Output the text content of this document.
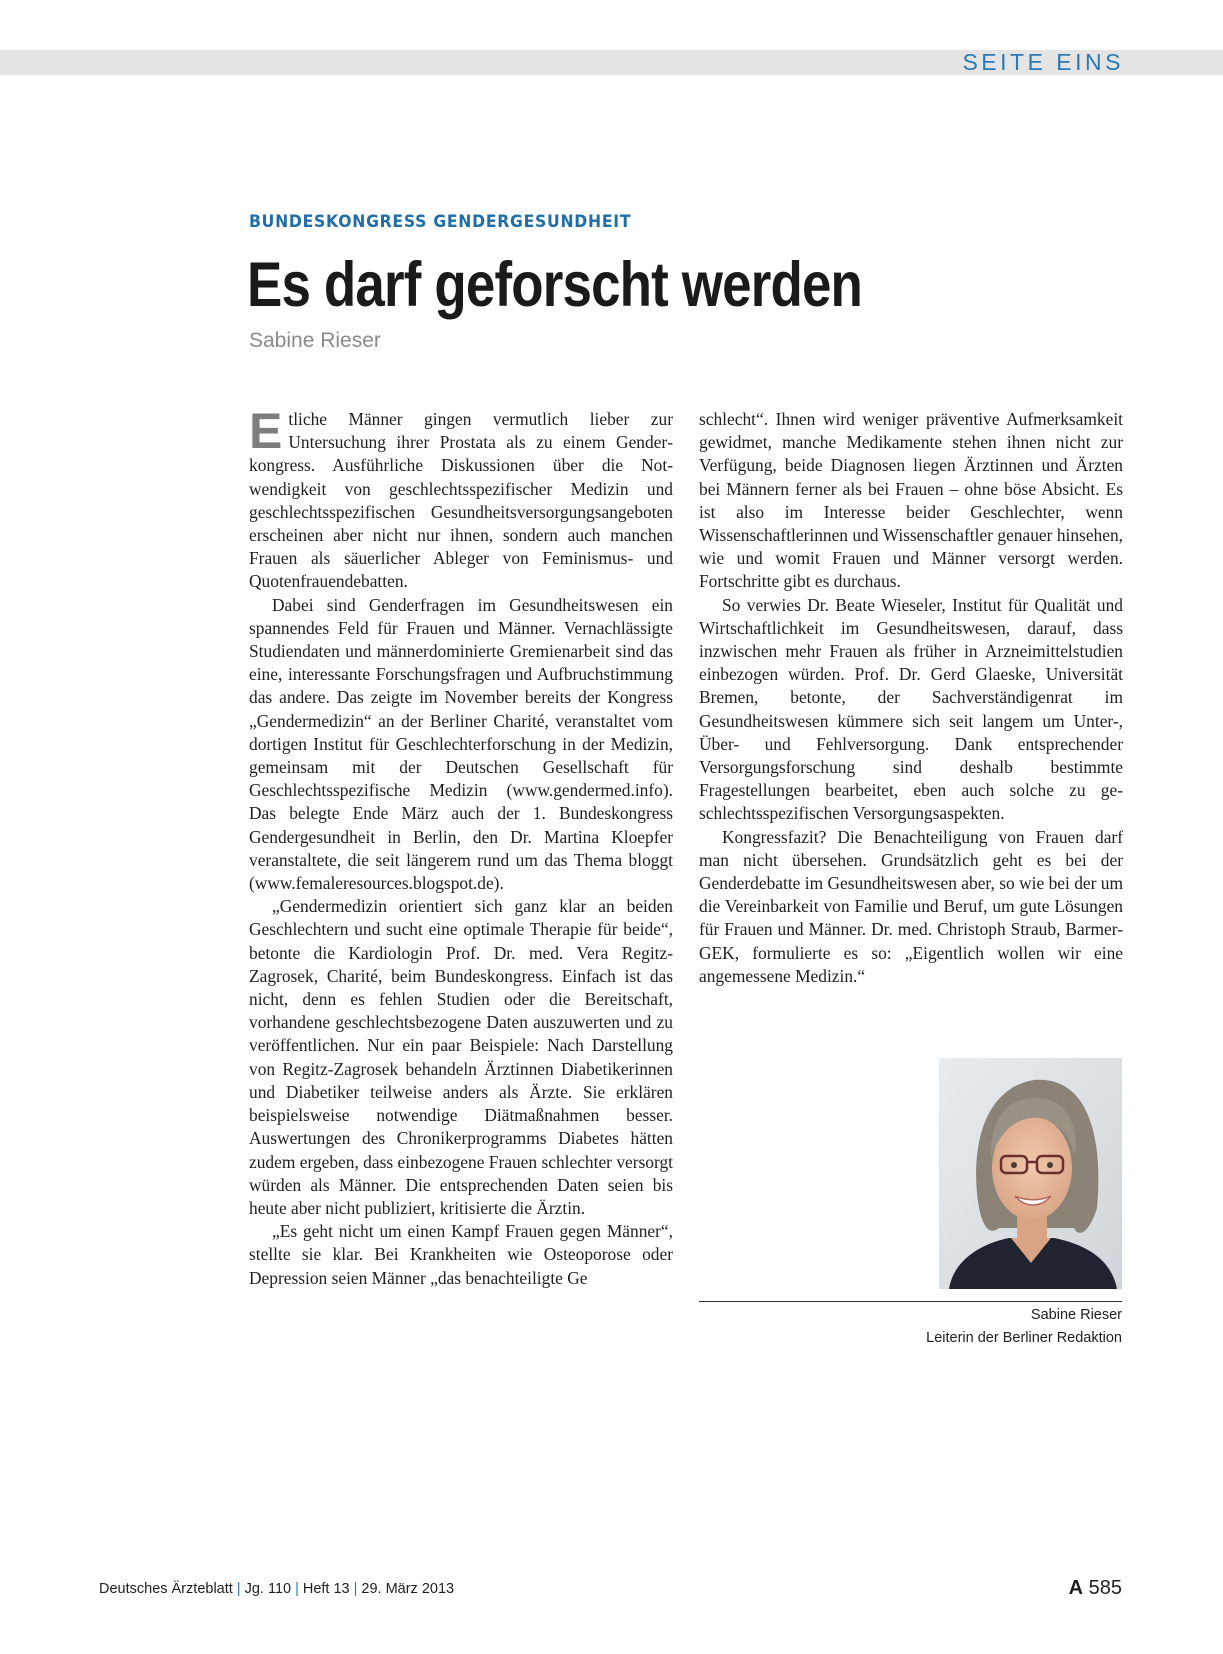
SEITE EINS
BUNDESKONGRESS GENDERGESUNDHEIT
Es darf geforscht werden
Sabine Rieser

Etliche Männer gingen vermutlich lieber zur Untersuchung ihrer Prostata als zu einem Genderkongress. Ausführliche Diskussionen über die Notwendigkeit von geschlechtsspezifischer Medizin und geschlechtsspezifischen Gesundheitsversorgungsangeboten erscheinen aber nicht nur ihnen, sondern auch manchen Frauen als säuerlicher Ableger von Feminismus- und Quotenfrauendebatten.

Dabei sind Genderfragen im Gesundheitswesen ein spannendes Feld für Frauen und Männer. Vernachlässigte Studiendaten und männerdominierte Gremienarbeit sind das eine, interessante Forschungsfragen und Aufbruchstimmung das andere. Das zeigte im November bereits der Kongress „Gendermedizin“ an der Berliner Charité, veranstaltet vom dortigen Institut für Geschlechterforschung in der Medizin, gemeinsam mit der Deutschen Gesellschaft für Geschlechtsspezifische Medizin (www.gendermed.info). Das belegte Ende März auch der 1. Bundeskongress Gendergesundheit in Berlin, den Dr. Martina Kloepfer veranstaltete, die seit längerem rund um das Thema bloggt (www.femaleresources.blogspot.de).

„Gendermedizin orientiert sich ganz klar an beiden Geschlechtern und sucht eine optimale Therapie für beide“, betonte die Kardiologin Prof. Dr. med. Vera Regitz-Zagrosek, Charité, beim Bundeskongress. Einfach ist das nicht, denn es fehlen Studien oder die Bereitschaft, vorhandene geschlechtsbezogene Daten auszuwerten und zu veröffentlichen. Nur ein paar Beispiele: Nach Darstellung von Regitz-Zagrosek behandeln Ärztinnen Diabetikerinnen und Diabetiker teilweise anders als Ärzte. Sie erklären beispielsweise notwendige Diätmaßnahmen besser. Auswertungen des Chronikerprogramms Diabetes hätten zudem ergeben, dass einbezogene Frauen schlechter versorgt würden als Männer. Die entsprechenden Daten seien bis heute aber nicht publiziert, kritisierte die Ärztin.

„Es geht nicht um einen Kampf Frauen gegen Männer“, stellte sie klar. Bei Krankheiten wie Osteoporose oder Depression seien Männer „das benachteiligte Ge

schlecht“. Ihnen wird weniger präventive Aufmerksamkeit gewidmet, manche Medikamente stehen ihnen nicht zur Verfügung, beide Diagnosen liegen Ärztinnen und Ärzten bei Männern ferner als bei Frauen – ohne böse Absicht. Es ist also im Interesse beider Geschlechter, wenn Wissenschaftlerinnen und Wissenschaftler genauer hinsehen, wie und womit Frauen und Männer versorgt werden. Fortschritte gibt es durchaus.

So verwies Dr. Beate Wieseler, Institut für Qualität und Wirtschaftlichkeit im Gesundheitswesen, darauf, dass inzwischen mehr Frauen als früher in Arzneimittelstudien einbezogen würden. Prof. Dr. Gerd Glaeske, Universität Bremen, betonte, der Sachverständigenrat im Gesundheitswesen kümmere sich seit langem um Unter-, Über- und Fehlversorgung. Dank entsprechender Versorgungsforschung sind deshalb bestimmte Fragestellungen bearbeitet, eben auch solche zu geschlechtsspezifischen Versorgungsaspekten.

Kongressfazit? Die Benachteiligung von Frauen darf man nicht übersehen. Grundsätzlich geht es bei der Genderdebatte im Gesundheitswesen aber, so wie bei der um die Vereinbarkeit von Familie und Beruf, um gute Lösungen für Frauen und Männer. Dr. med. Christoph Straub, Barmer-GEK, formulierte es so: „Eigentlich wollen wir eine angemessene Medizin.“

Sabine Rieser
Leiterin der Berliner Redaktion
Deutsches Ärzteblatt | Jg. 110 | Heft 13 | 29. März 2013	A 585
